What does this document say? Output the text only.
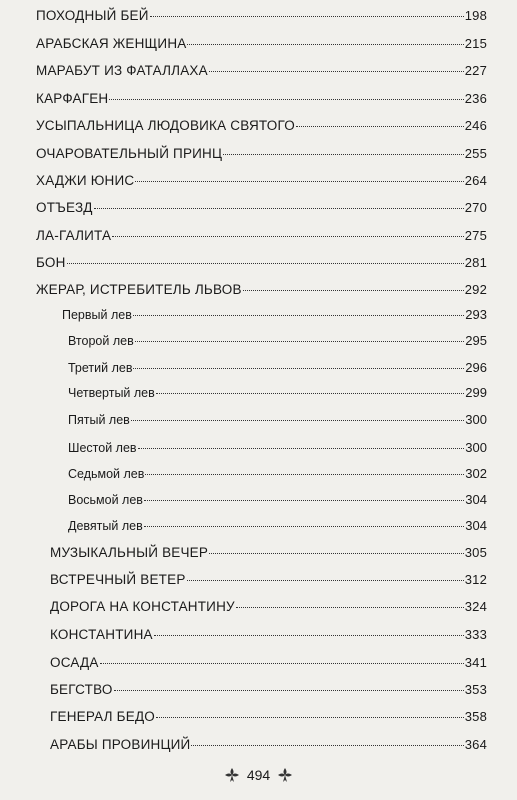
ПОХОДНЫЙ БЕЙ	198
АРАБСКАЯ ЖЕНЩИНА	215
МАРАБУТ ИЗ ФАТАЛЛАХА	227
КАРФАГЕН	236
УСЫПАЛЬНИЦА ЛЮДОВИКА СВЯТОГО	246
ОЧАРОВАТЕЛЬНЫЙ ПРИНЦ	255
ХАДЖИ ЮНИС	264
ОТЪЕЗД	270
ЛА-ГАЛИТА	275
БОН	281
ЖЕРАР, ИСТРЕБИТЕЛЬ ЛЬВОВ	292
Первый лев	293
Второй лев	295
Третий лев	296
Четвертый лев	299
Пятый лев	300
Шестой лев	300
Седьмой лев	302
Восьмой лев	304
Девятый лев	304
МУЗЫКАЛЬНЫЙ ВЕЧЕР	305
ВСТРЕЧНЫЙ ВЕТЕР	312
ДОРОГА НА КОНСТАНТИНУ	324
КОНСТАНТИНА	333
ОСАДА	341
БЕГСТВО	353
ГЕНЕРАЛ БЕДО	358
АРАБЫ ПРОВИНЦИЙ	364
494
